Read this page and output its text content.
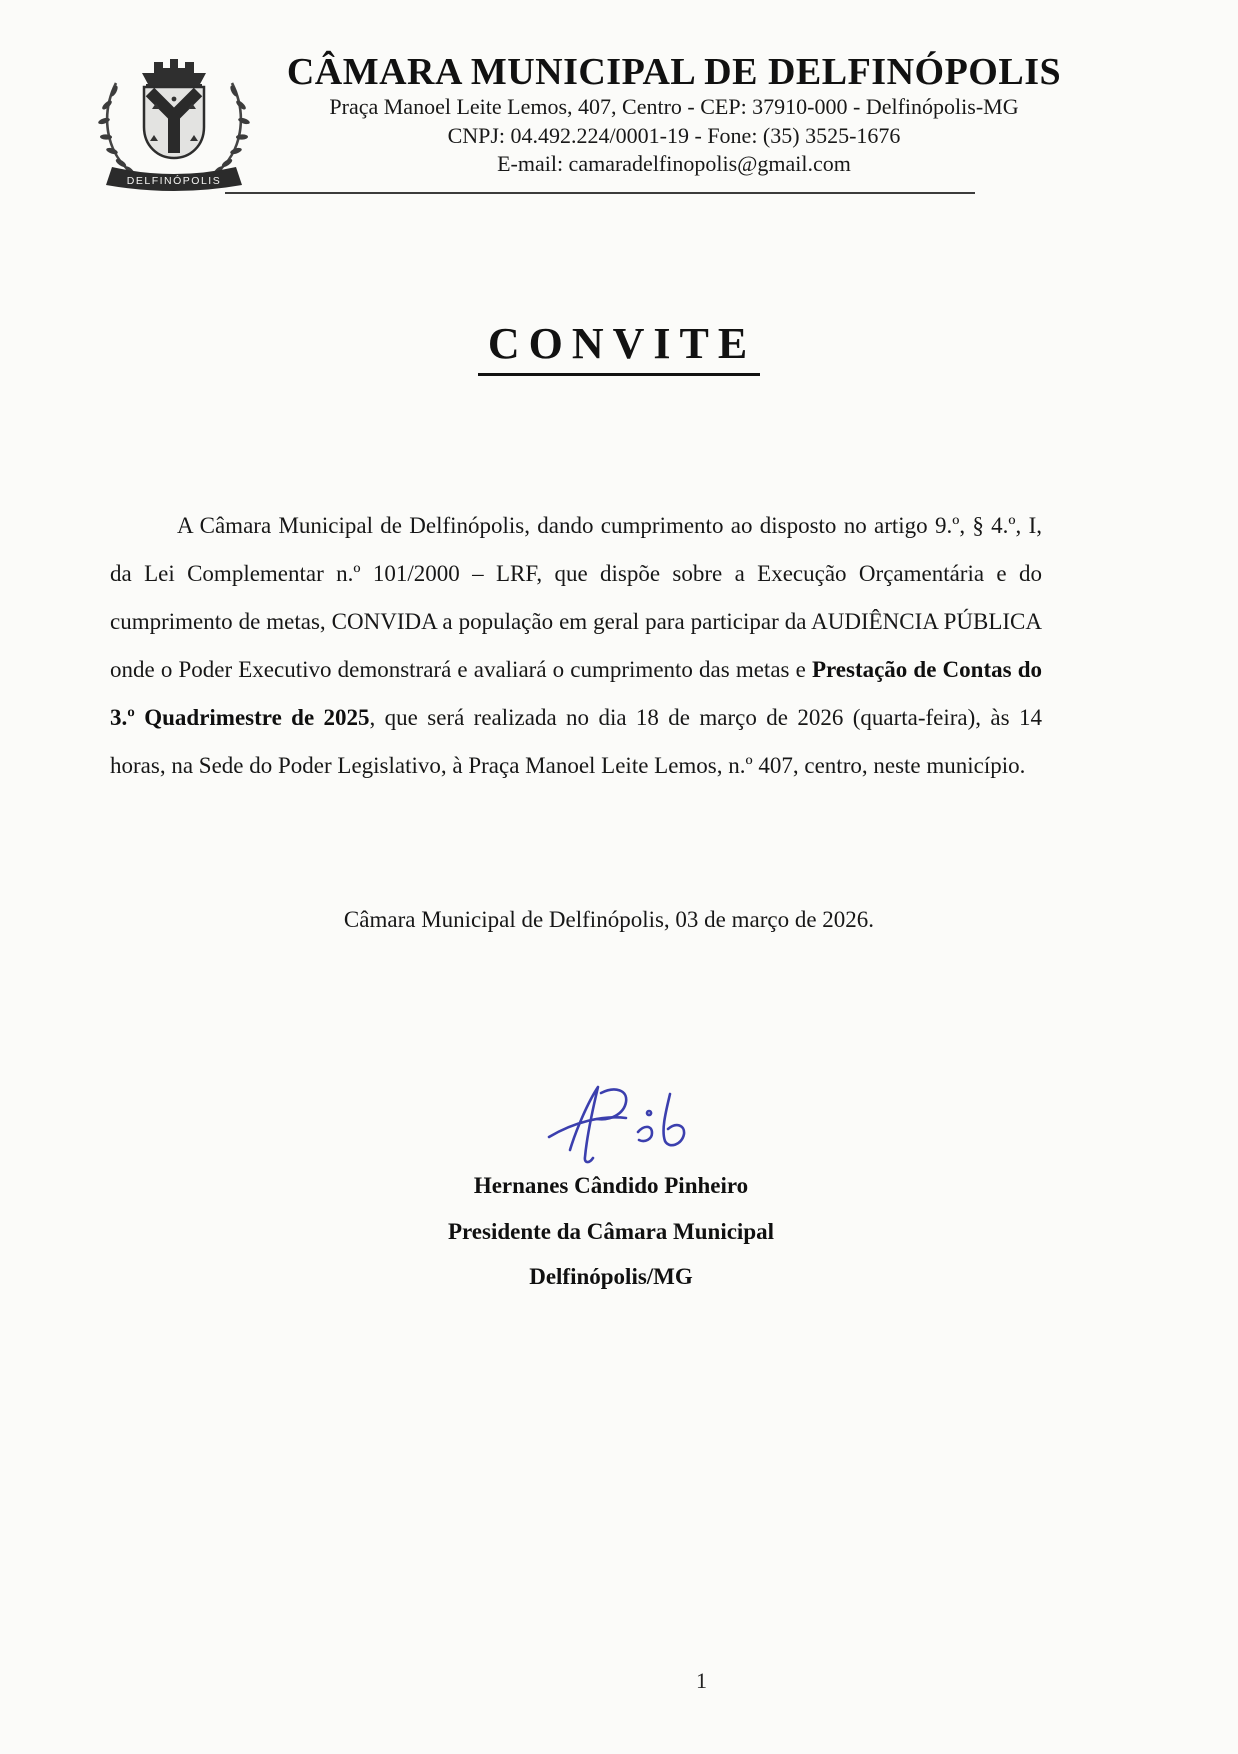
DELFINÓPOLIS
CÂMARA MUNICIPAL DE DELFINÓPOLIS
Praça Manoel Leite Lemos, 407, Centro - CEP: 37910-000 - Delfinópolis-MG
CNPJ: 04.492.224/0001-19 - Fone: (35) 3525-1676
E-mail: camaradelfinopolis@gmail.com
CONVITE

A Câmara Municipal de Delfinópolis, dando cumprimento ao disposto no artigo 9.º, § 4.º, I, da Lei Complementar n.º 101/2000 – LRF, que dispõe sobre a Execução Orçamentária e do cumprimento de metas, CONVIDA a população em geral para participar da AUDIÊNCIA PÚBLICA onde o Poder Executivo demonstrará e avaliará o cumprimento das metas e Prestação de Contas do 3.º Quadrimestre de 2025, que será realizada no dia 18 de março de 2026 (quarta-feira), às 14 horas, na Sede do Poder Legislativo, à Praça Manoel Leite Lemos, n.º 407, centro, neste município.

Câmara Municipal de Delfinópolis, 03 de março de 2026.
Hernanes Cândido Pinheiro
Presidente da Câmara Municipal
Delfinópolis/MG
1
